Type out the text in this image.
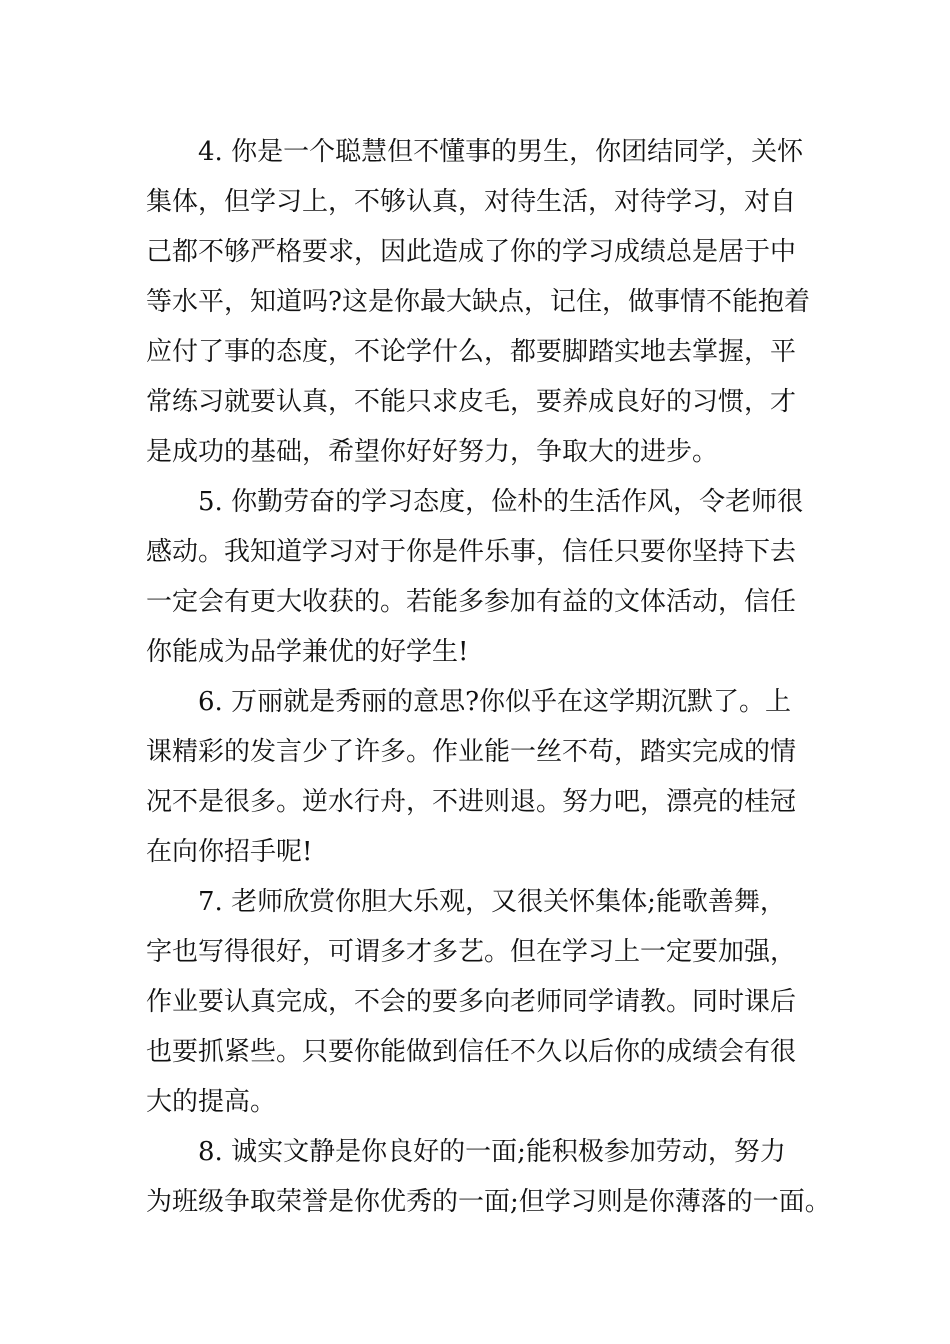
4. 你是一个聪慧但不懂事的男生，你团结同学，关怀
集体，但学习上，不够认真，对待生活，对待学习，对自
己都不够严格要求，因此造成了你的学习成绩总是居于中
等水平，知道吗?这是你最大缺点，记住，做事情不能抱着
应付了事的态度，不论学什么，都要脚踏实地去掌握，平
常练习就要认真，不能只求皮毛，要养成良好的习惯，才
是成功的基础，希望你好好努力，争取大的进步。
5. 你勤劳奋的学习态度，俭朴的生活作风，令老师很
感动。我知道学习对于你是件乐事，信任只要你坚持下去
一定会有更大收获的。若能多参加有益的文体活动，信任
你能成为品学兼优的好学生!
6. 万丽就是秀丽的意思?你似乎在这学期沉默了。上
课精彩的发言少了许多。作业能一丝不苟，踏实完成的情
况不是很多。逆水行舟，不进则退。努力吧，漂亮的桂冠
在向你招手呢!
7. 老师欣赏你胆大乐观，又很关怀集体;能歌善舞，
字也写得很好，可谓多才多艺。但在学习上一定要加强，
作业要认真完成，不会的要多向老师同学请教。同时课后
也要抓紧些。只要你能做到信任不久以后你的成绩会有很
大的提高。
8. 诚实文静是你良好的一面;能积极参加劳动，努力
为班级争取荣誉是你优秀的一面;但学习则是你薄落的一面。
